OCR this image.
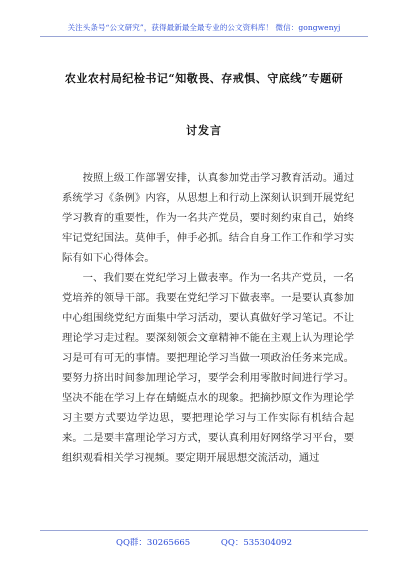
关注头条号“公文研究”，获得最新最全最专业的公文资料库！ 微信：gongwenyj
农业农村局纪检书记“知敬畏、存戒惧、守底线”专题研
讨发言

按照上级工作部署安排，认真参加党击学习教育活动。通过系统学习《条例》内容，从思想上和行动上深刻认识到开展党纪学习教育的重要性，作为一名共产党员，要时刻约束自己，始终牢记党纪国法。莫伸手，伸手必抓。结合自身工作工作和学习实际有如下心得体会。

一、我们要在党纪学习上做表率。作为一名共产党员，一名党培养的领导干部。我要在党纪学习下做表率。一是要认真参加中心组围绕党纪方面集中学习活动，要认真做好学习笔记。不让理论学习走过程。要深刻领会文章精神不能在主观上认为理论学习是可有可无的事情。要把理论学习当做一项政治任务来完成。要努力挤出时间参加理论学习，要学会利用零散时间进行学习。坚决不能在学习上存在蜻蜓点水的现象。把摘抄原文作为理论学习主要方式要边学边思，要把理论学习与工作实际有机结合起来。二是要丰富理论学习方式，要认真利用好网络学习平台，要组织观看相关学习视频。要定期开展思想交流活动，通过

QQ群：30265665	QQ：535304092
